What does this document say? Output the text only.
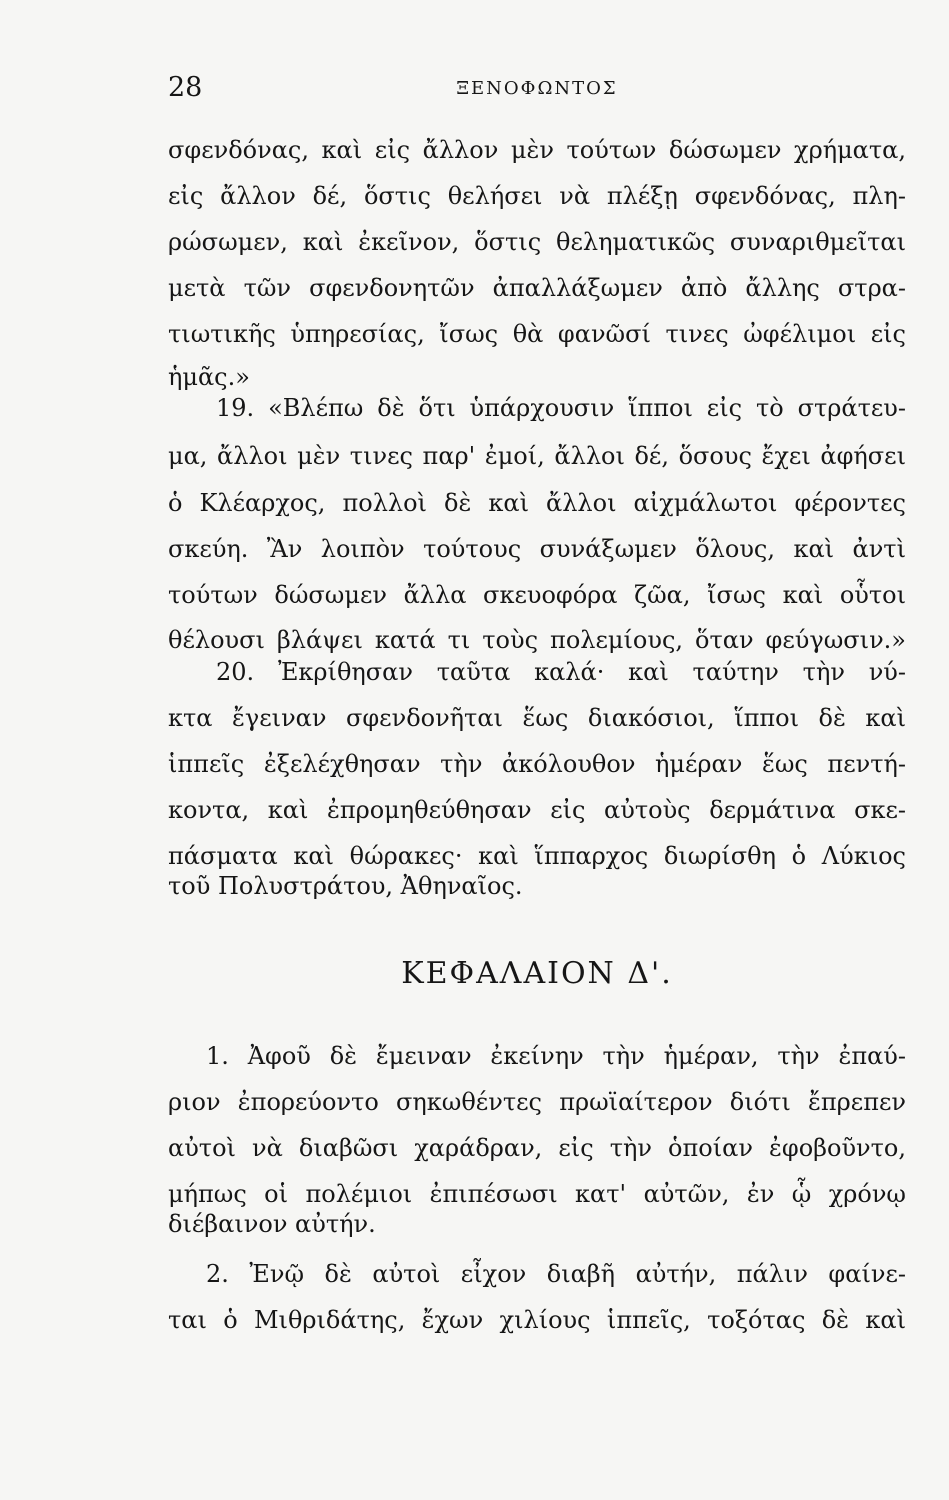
28	ΞΕΝΟΦΩΝΤΟΣ
σφενδόνας, καὶ εἰς ἄλλον μὲν τούτων δώσωμεν χρήματα,
εἰς ἄλλον δέ, ὅστις θελήσει νὰ πλέξῃ σφενδόνας, πλη-
ρώσωμεν, καὶ ἐκεῖνον, ὅστις θεληματικῶς συναριθμεῖται
μετὰ τῶν σφενδονητῶν ἀπαλλάξωμεν ἀπὸ ἄλλης στρα-
τιωτικῆς ὑπηρεσίας, ἴσως θὰ φανῶσί τινες ὠφέλιμοι εἰς
ἡμᾶς.»
19. «Βλέπω δὲ ὅτι ὑπάρχουσιν ἵπποι εἰς τὸ στράτευ-
μα, ἄλλοι μὲν τινες παρ' ἐμοί, ἄλλοι δέ, ὅσους ἔχει ἀφήσει
ὁ Κλέαρχος, πολλοὶ δὲ καὶ ἄλλοι αἰχμάλωτοι φέροντες
σκεύη. Ἂν λοιπὸν τούτους συνάξωμεν ὅλους, καὶ ἀντὶ
τούτων δώσωμεν ἄλλα σκευοφόρα ζῶα, ἴσως καὶ οὗτοι
θέλουσι βλάψει κατά τι τοὺς πολεμίους, ὅταν φεύγωσιν.»
20. Ἐκρίθησαν ταῦτα καλά· καὶ ταύτην τὴν νύ-
κτα ἔγειναν σφενδονῆται ἕως διακόσιοι, ἵπποι δὲ καὶ
ἱππεῖς ἐξελέχθησαν τὴν ἀκόλουθον ἡμέραν ἕως πεντή-
κοντα, καὶ ἐπρομηθεύθησαν εἰς αὐτοὺς δερμάτινα σκε-
πάσματα καὶ θώρακες· καὶ ἵππαρχος διωρίσθη ὁ Λύκιος
τοῦ Πολυστράτου, Ἀθηναῖος.
ΚΕΦΑΛΑΙΟΝ Δ'.
1. Ἀφοῦ δὲ ἔμειναν ἐκείνην τὴν ἡμέραν, τὴν ἐπαύ-
ριον ἐπορεύοντο σηκωθέντες πρωϊαίτερον διότι ἔπρεπεν
αὐτοὶ νὰ διαβῶσι χαράδραν, εἰς τὴν ὁποίαν ἐφοβοῦντο,
μήπως οἱ πολέμιοι ἐπιπέσωσι κατ' αὐτῶν, ἐν ᾧ χρόνῳ
διέβαινον αὐτήν.
2. Ἐνῷ δὲ αὐτοὶ εἶχον διαβῆ αὐτήν, πάλιν φαίνε-
ται ὁ Μιθριδάτης, ἔχων χιλίους ἱππεῖς, τοξότας δὲ καὶ
